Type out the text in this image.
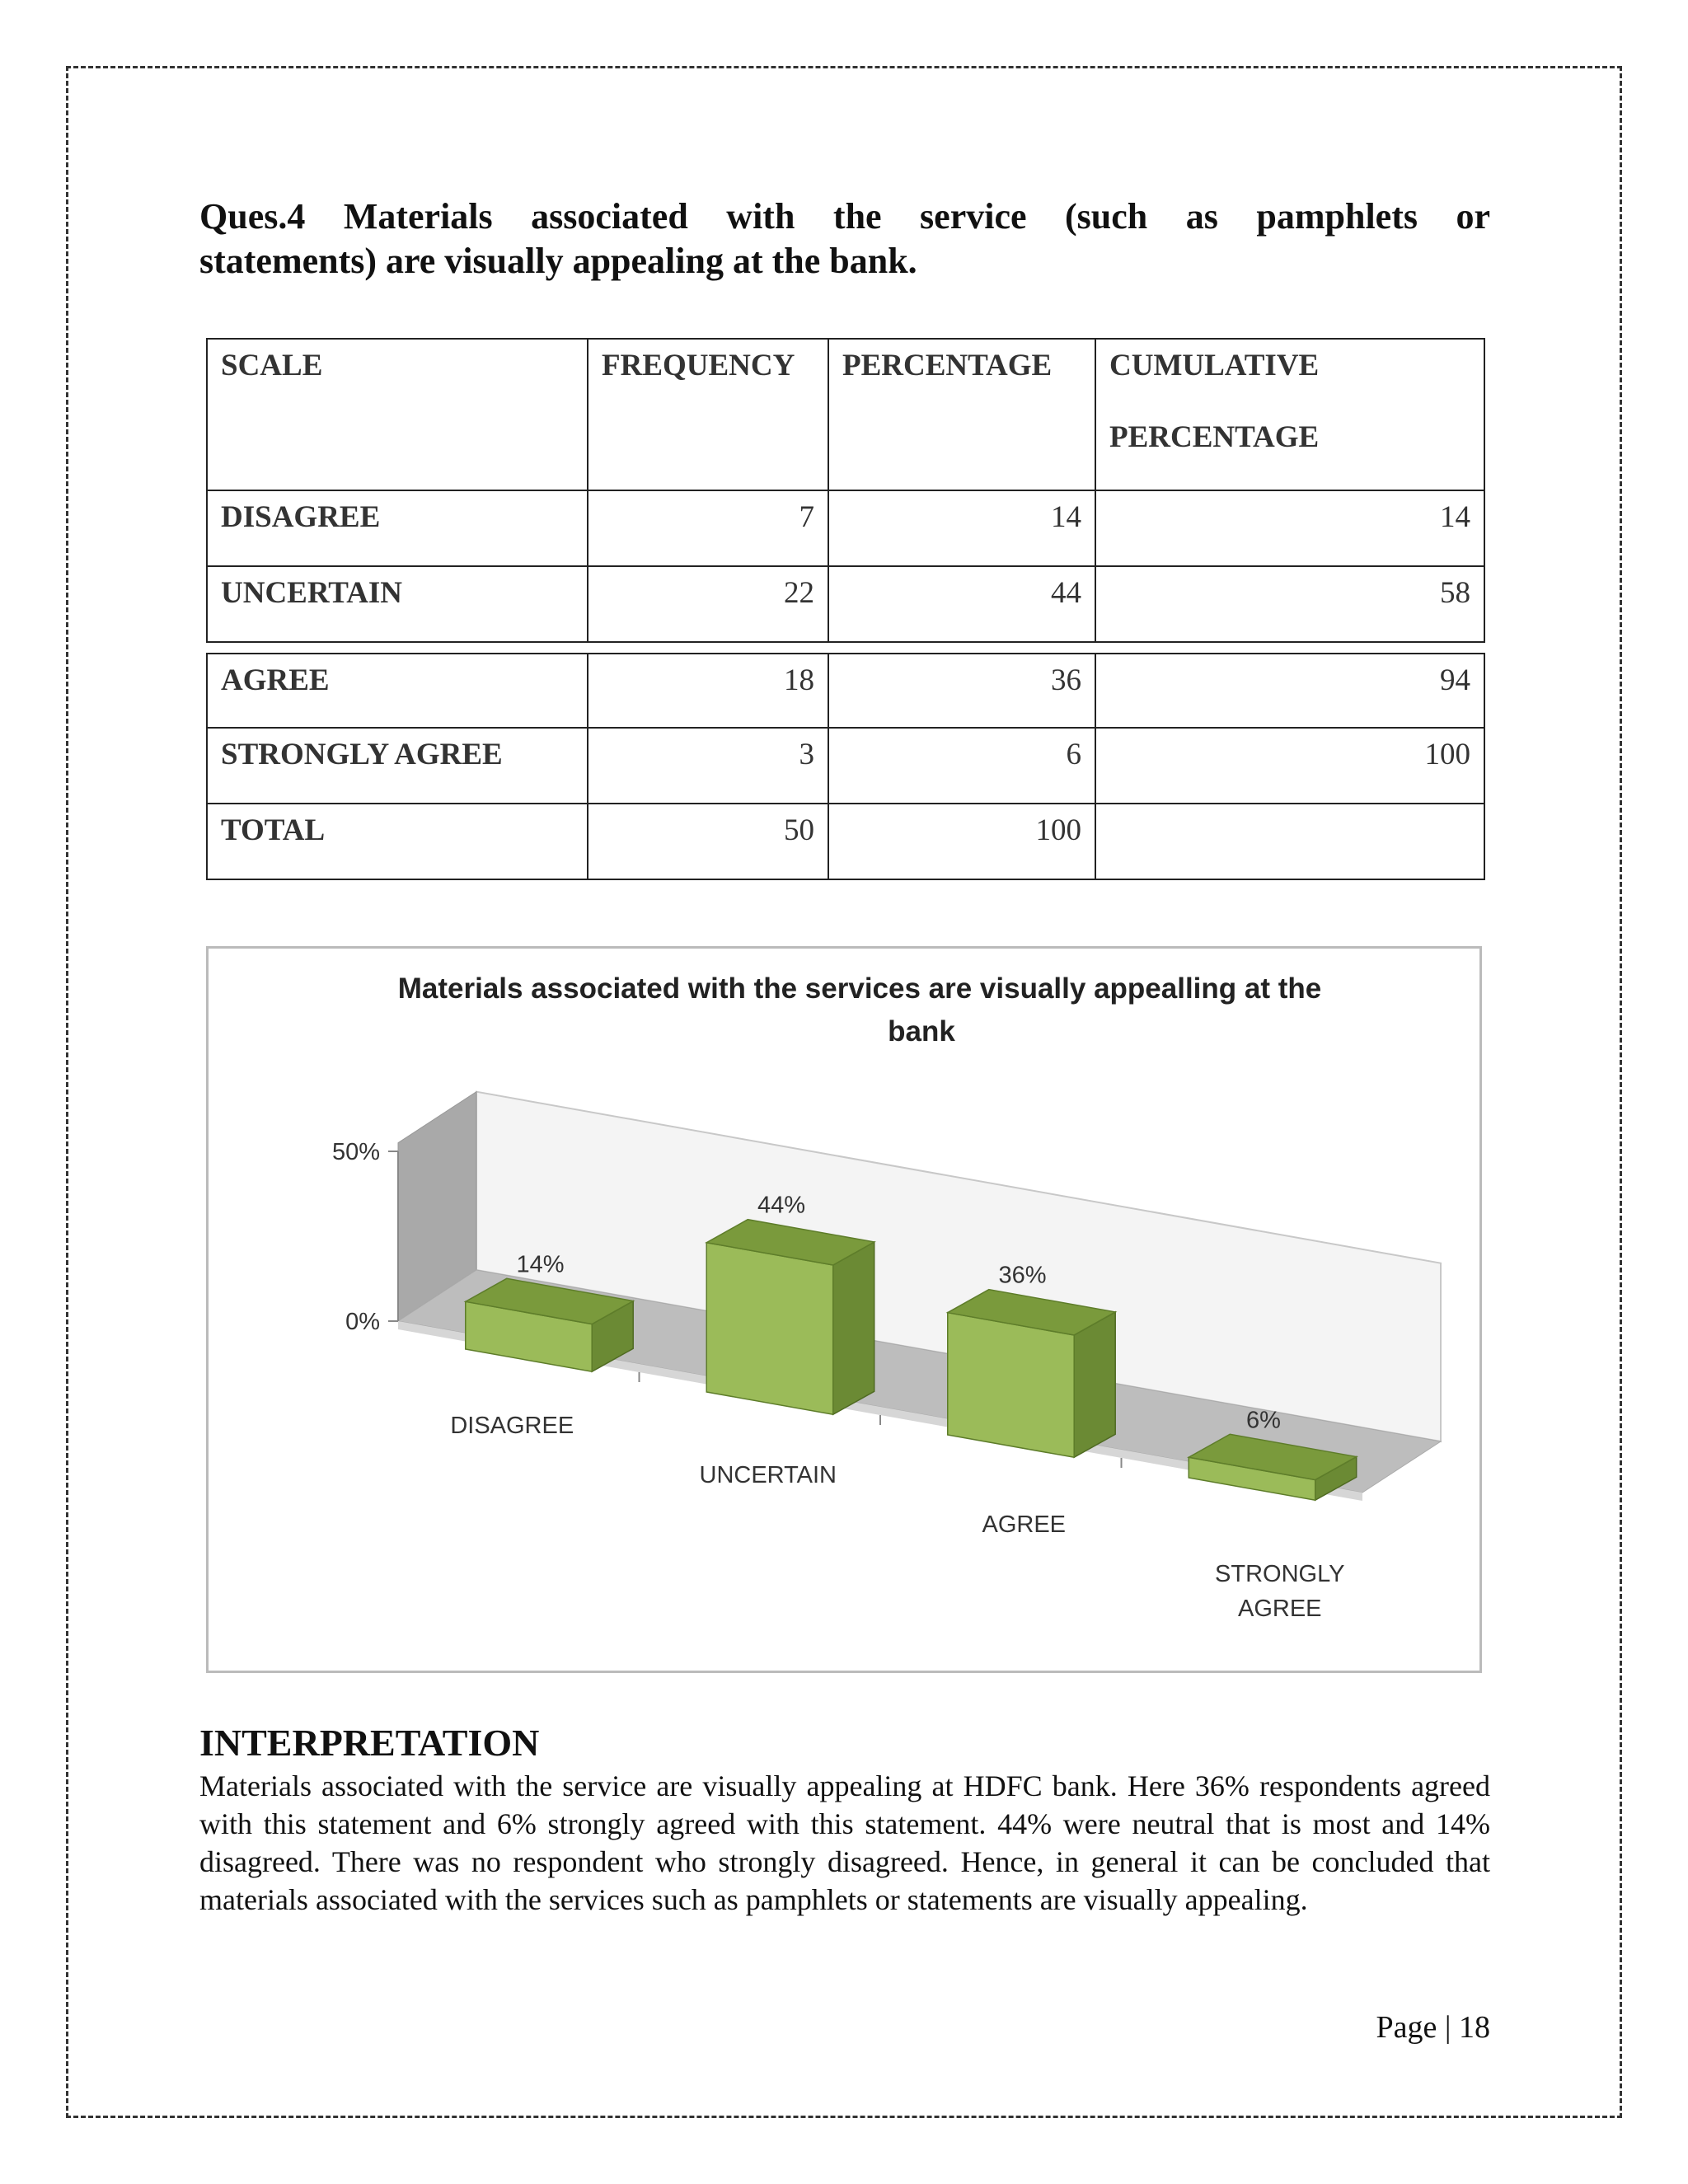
Ques.4 Materials associated with the service (such as pamphlets or
statements) are visually appealing at the bank.
SCALE	FREQUENCY	PERCENTAGE	CUMULATIVE
PERCENTAGE

DISAGREE	7	14	14
UNCERTAIN	22	44	58
AGREE	18	36	94
STRONGLY AGREE	3	6	100
TOTAL	50	100	
Materials associated with the services are visually appealling at the
bank
0%
50%
14%
44%
36%
6%
DISAGREE
UNCERTAIN
AGREE
STRONGLY AGREE
INTERPRETATION
Materials associated with the service are visually appealing at HDFC bank. Here 36% respondents agreed with this statement and 6% strongly agreed with this statement. 44% were neutral that is most and 14% disagreed. There was no respondent who strongly disagreed. Hence, in general it can be concluded that materials associated with the services such as pamphlets or statements are visually appealing.
Page | 18
